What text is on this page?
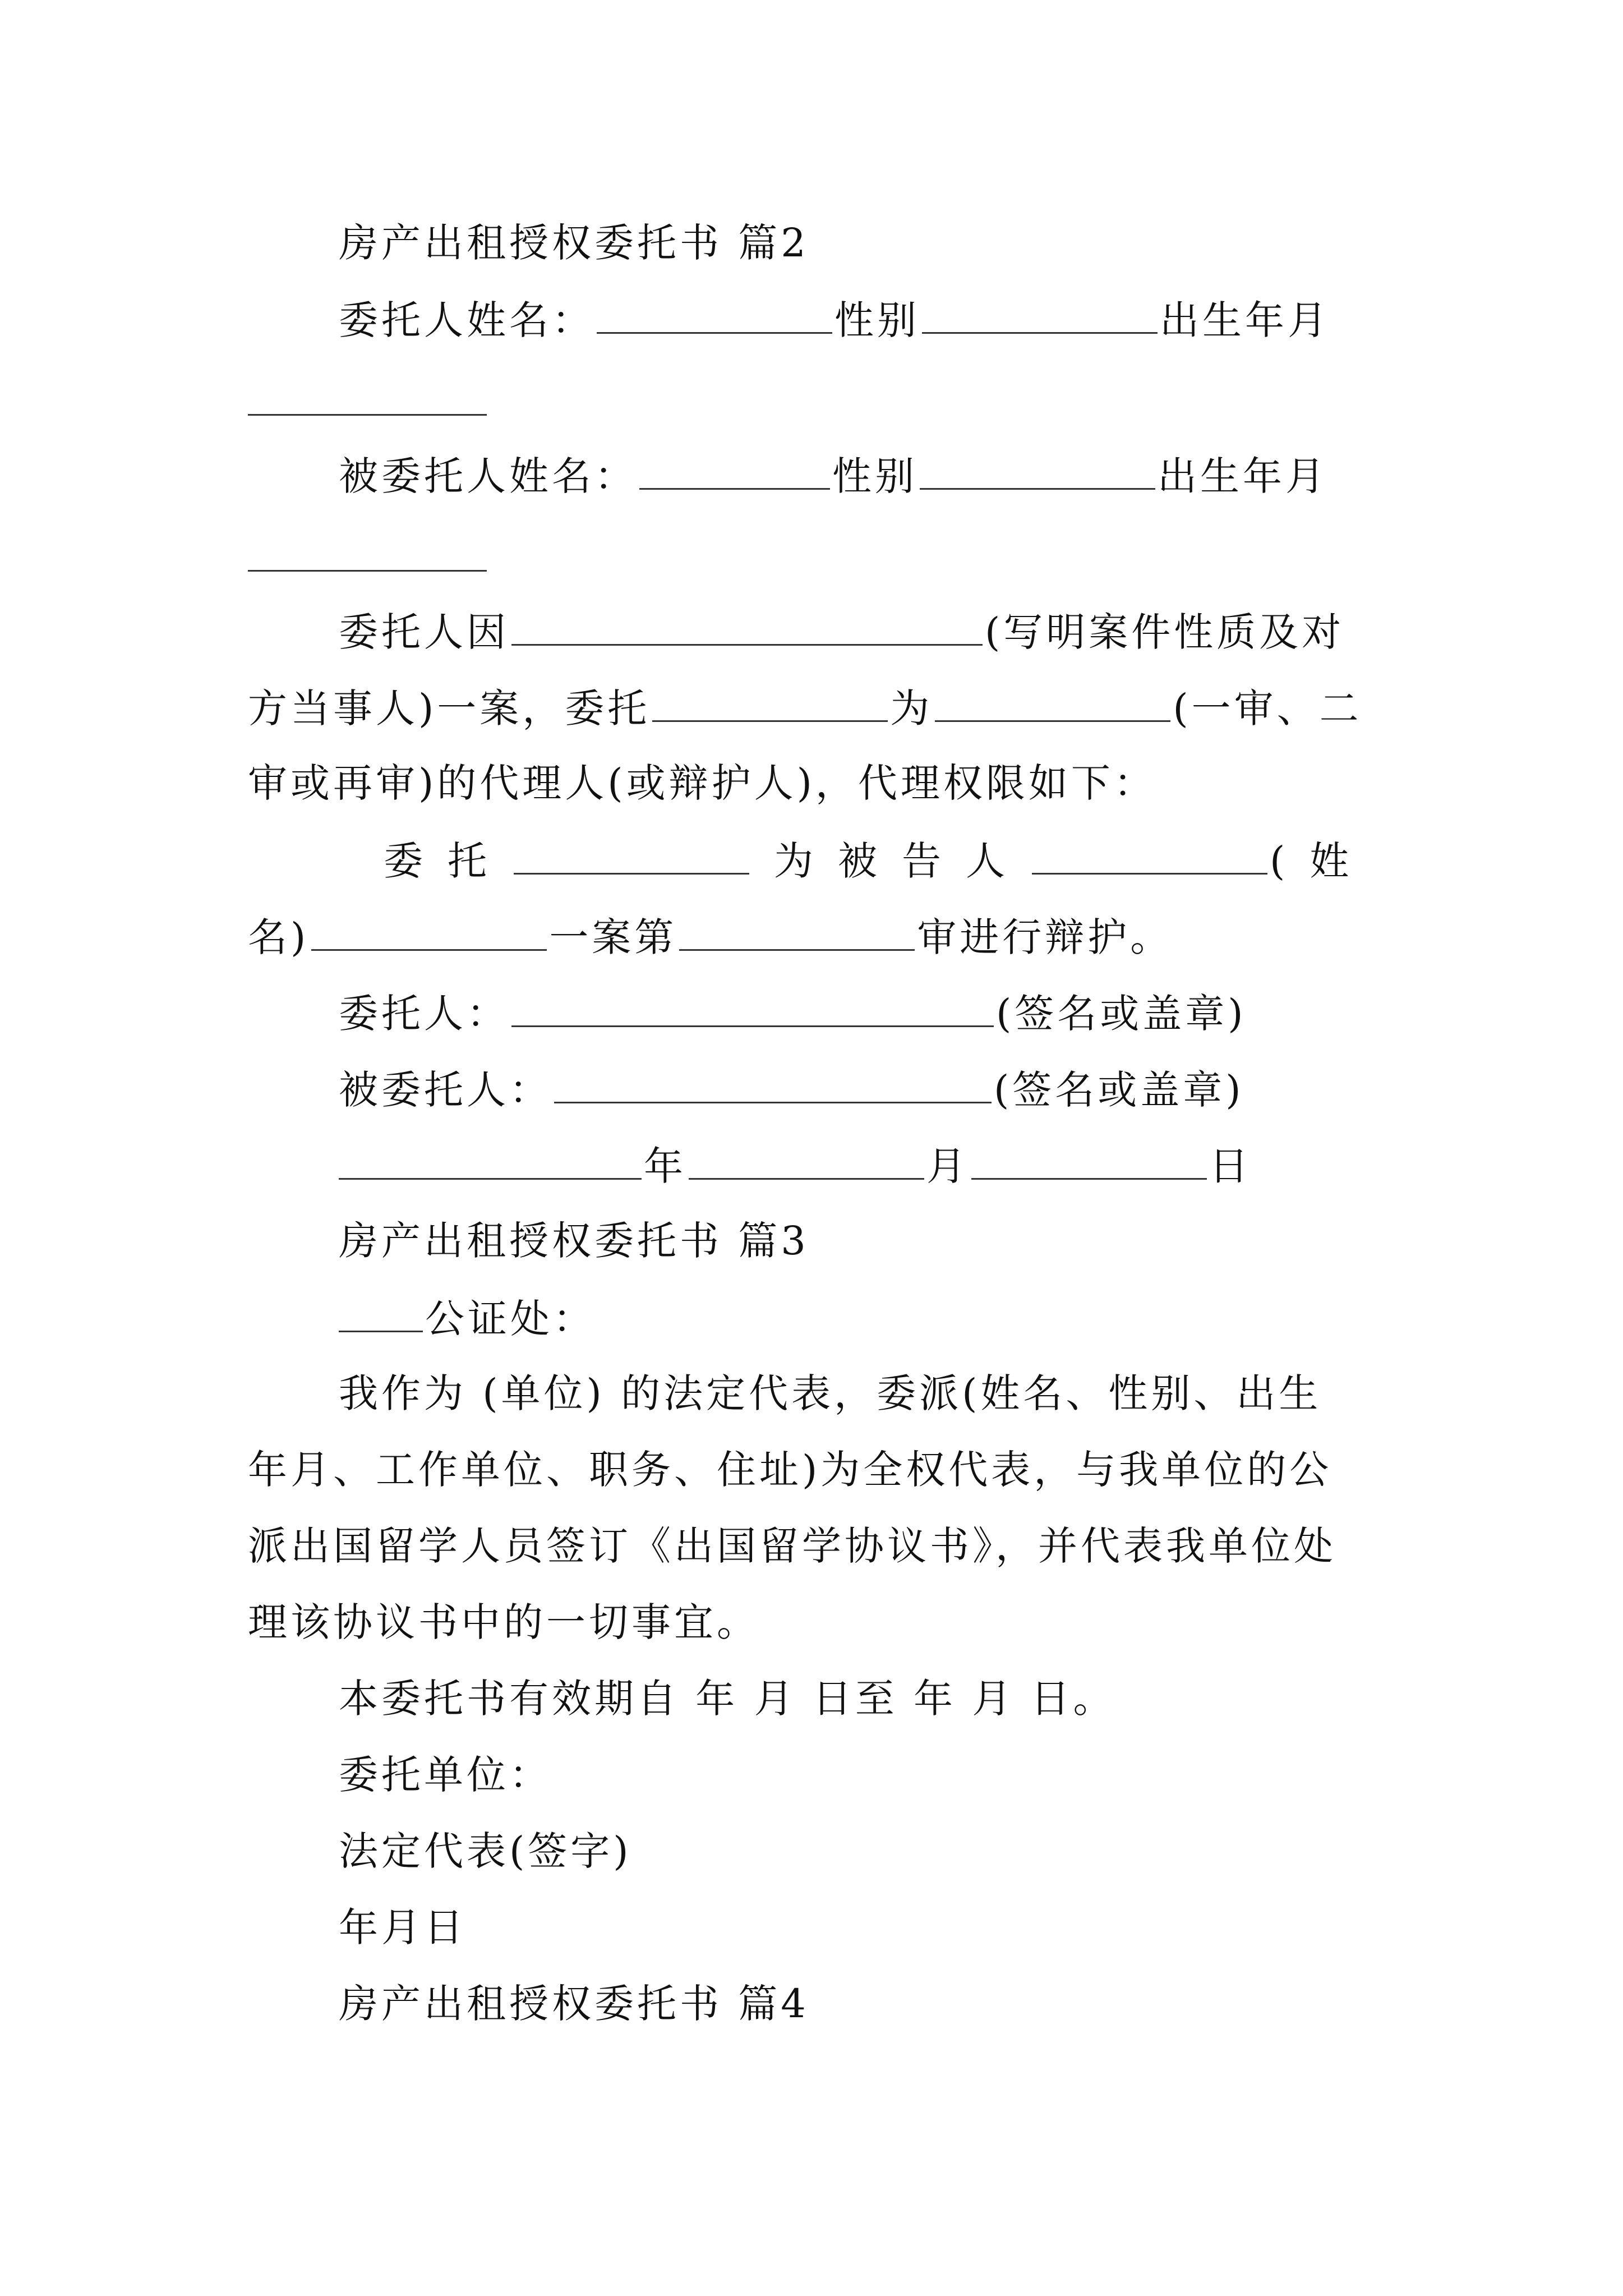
房产出租授权委托书 篇2
委托人姓名：	性别	出生年月
被委托人姓名：	性别	出生年月
委托人因	(写明案件性质及对
方当事人)一案，委托	为	(一审、二
审或再审)的代理人(或辩护人)，代理权限如下：
委托	为被告人	(姓
名)	一案第	审进行辩护。
委托人：	(签名或盖章)
被委托人：	(签名或盖章)
年	月	日
房产出租授权委托书 篇3
公证处：
我作为 (单位) 的法定代表，委派(姓名、性别、出生
年月、工作单位、职务、住址)为全权代表，与我单位的公
派出国留学人员签订《出国留学协议书》，并代表我单位处
理该协议书中的一切事宜。
本委托书有效期自 年 月 日至 年 月 日。
委托单位：
法定代表(签字)
年月日
房产出租授权委托书 篇4
